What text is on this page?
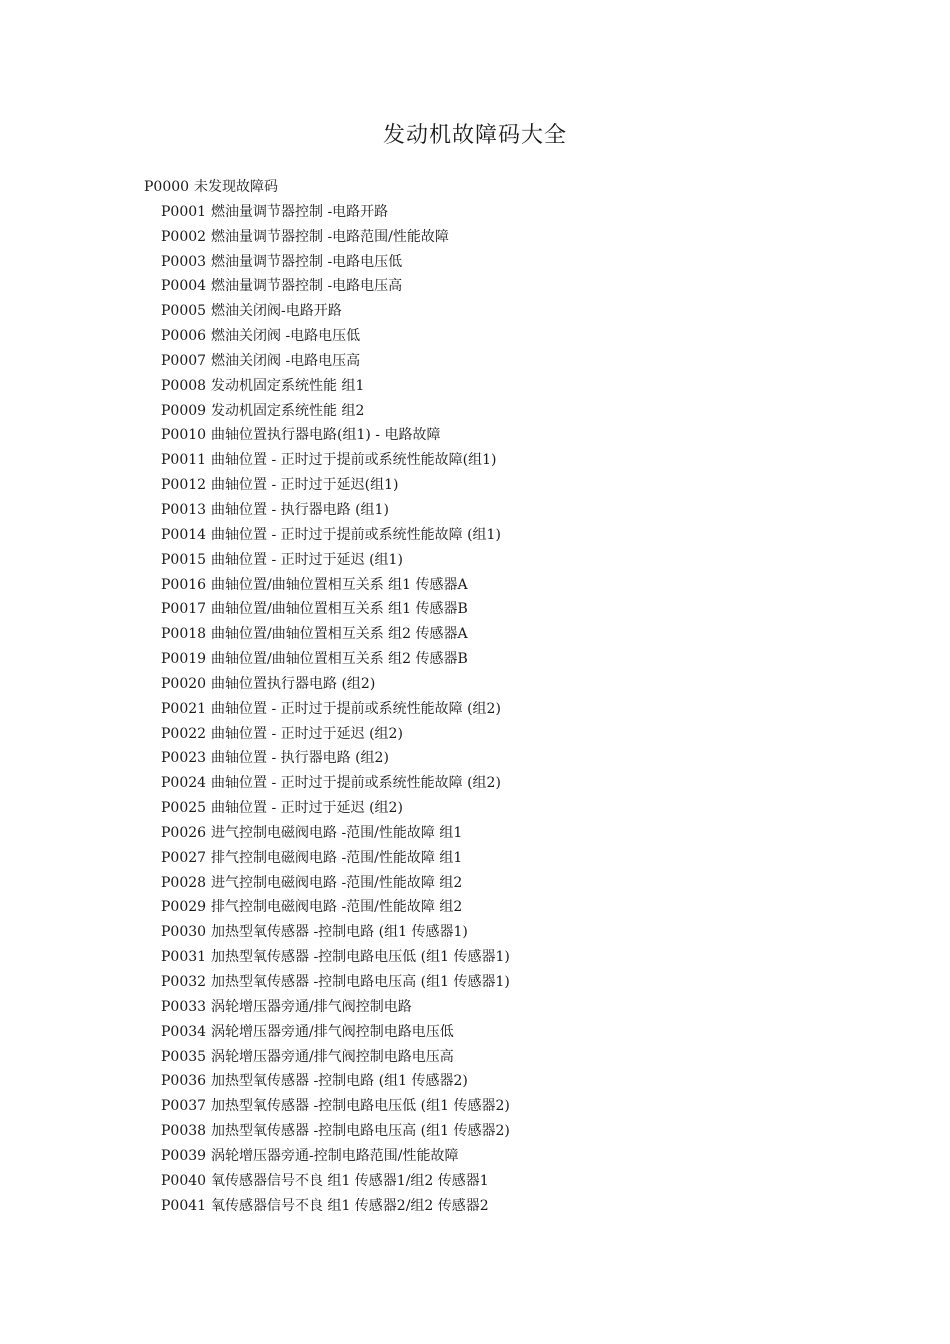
发动机故障码大全
P0000 未发现故障码
P0001 燃油量调节器控制 -电路开路
P0002 燃油量调节器控制 -电路范围/性能故障
P0003 燃油量调节器控制 -电路电压低
P0004 燃油量调节器控制 -电路电压高
P0005 燃油关闭阀-电路开路
P0006 燃油关闭阀 -电路电压低
P0007 燃油关闭阀 -电路电压高
P0008 发动机固定系统性能 组1
P0009 发动机固定系统性能 组2
P0010 曲轴位置执行器电路(组1) - 电路故障
P0011 曲轴位置 - 正时过于提前或系统性能故障(组1)
P0012 曲轴位置 - 正时过于延迟(组1)
P0013 曲轴位置 - 执行器电路 (组1)
P0014 曲轴位置 - 正时过于提前或系统性能故障 (组1)
P0015 曲轴位置 - 正时过于延迟 (组1)
P0016 曲轴位置/曲轴位置相互关系 组1 传感器A
P0017 曲轴位置/曲轴位置相互关系 组1 传感器B
P0018 曲轴位置/曲轴位置相互关系 组2 传感器A
P0019 曲轴位置/曲轴位置相互关系 组2 传感器B
P0020 曲轴位置执行器电路 (组2)
P0021 曲轴位置 - 正时过于提前或系统性能故障 (组2)
P0022 曲轴位置 - 正时过于延迟 (组2)
P0023 曲轴位置 - 执行器电路 (组2)
P0024 曲轴位置 - 正时过于提前或系统性能故障 (组2)
P0025 曲轴位置 - 正时过于延迟 (组2)
P0026 进气控制电磁阀电路 -范围/性能故障 组1
P0027 排气控制电磁阀电路 -范围/性能故障 组1
P0028 进气控制电磁阀电路 -范围/性能故障 组2
P0029 排气控制电磁阀电路 -范围/性能故障 组2
P0030 加热型氧传感器 -控制电路 (组1 传感器1)
P0031 加热型氧传感器 -控制电路电压低 (组1 传感器1)
P0032 加热型氧传感器 -控制电路电压高 (组1 传感器1)
P0033 涡轮增压器旁通/排气阀控制电路
P0034 涡轮增压器旁通/排气阀控制电路电压低
P0035 涡轮增压器旁通/排气阀控制电路电压高
P0036 加热型氧传感器 -控制电路 (组1 传感器2)
P0037 加热型氧传感器 -控制电路电压低 (组1 传感器2)
P0038 加热型氧传感器 -控制电路电压高 (组1 传感器2)
P0039 涡轮增压器旁通-控制电路范围/性能故障
P0040 氧传感器信号不良 组1 传感器1/组2 传感器1
P0041 氧传感器信号不良 组1 传感器2/组2 传感器2
